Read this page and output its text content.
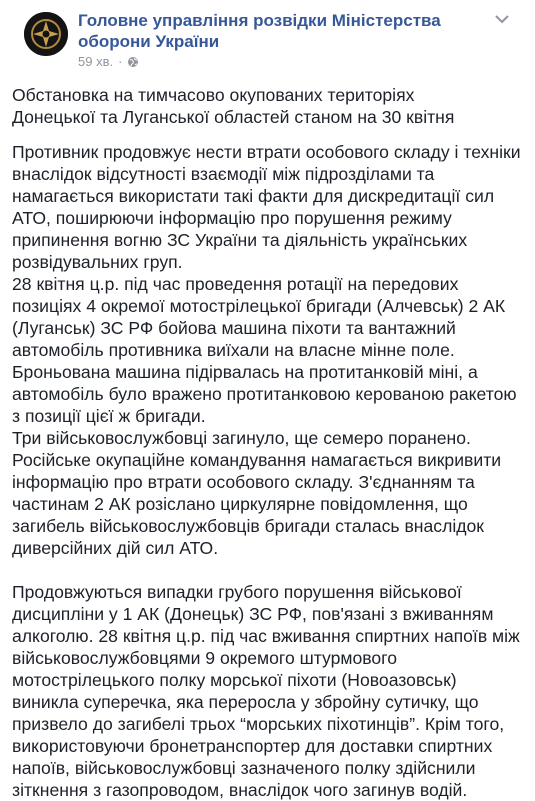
Головне управління розвідки Міністерства оборони України
59 хв. ·

Обстановка на тимчасово окупованих територіях

Донецької та Луганської областей станом на 30 квітня

Противник продовжує нести втрати особового складу і техніки внаслідок відсутності взаємодії між підрозділами та намагається використати такі факти для дискредитації сил АТО, поширюючи інформацію про порушення режиму припинення вогню ЗС України та діяльність українських розвідувальних груп.

28 квітня ц.р. під час проведення ротації на передових позиціях 4 окремої мотострілецької бригади (Алчевськ) 2 АК (Луганськ) ЗС РФ бойова машина піхоти та вантажний автомобіль противника виїхали на власне мінне поле. Броньована машина підірвалась на протитанковій міні, а автомобіль було вражено протитанковою керованою ракетою з позиції цієї ж бригади.

Три військовослужбовці загинуло, ще семеро поранено.

Російське окупаційне командування намагається викривити інформацію про втрати особового складу. З'єднанням та частинам 2 АК розіслано циркулярне повідомлення, що загибель військовослужбовців бригади сталась внаслідок диверсійних дій сил АТО.

Продовжуються випадки грубого порушення військової дисципліни у 1 АК (Донецьк) ЗС РФ, пов'язані з вживанням алкоголю. 28 квітня ц.р. під час вживання спиртних напоїв між військовослужбовцями 9 окремого штурмового мотострілецького полку морської піхоти (Новоазовськ) виникла суперечка, яка переросла у збройну сутичку, що призвело до загибелі трьох “морських піхотинців”. Крім того, використовуючи бронетранспортер для доставки спиртних напоїв, військовослужбовці зазначеного полку здійснили зіткнення з газопроводом, внаслідок чого загинув водій.
